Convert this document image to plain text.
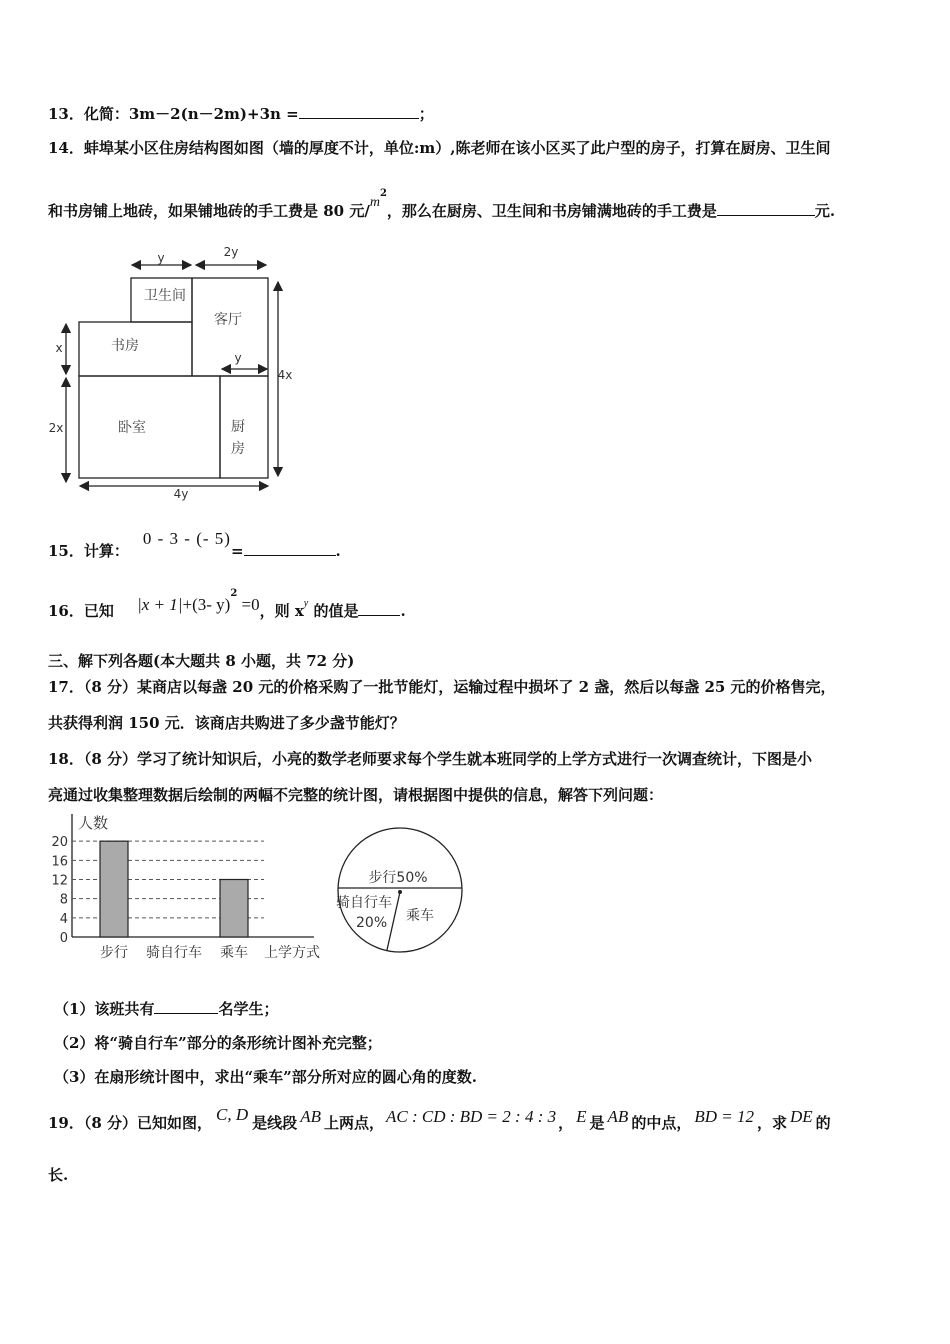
13．化简：3m－2(n－2m)+3n =	；
14．蚌埠某小区住房结构图如图（墙的厚度不计，单位:m）,陈老师在该小区买了此户型的房子，打算在厨房、卫生间
和书房铺上地砖，如果铺地砖的手工费是 80 元$/m^2$，那么在厨房、卫生间和书房铺满地砖的手工费是	元.
y	2y
y
x
2x
4x
4y
卫生间
客厅
书房
卧室	厨
房
15．计算：0 - 3 - (- 5)=	.
16．已知 |x + 1|+(3- y)$^2$ =0，则 $x^y$ 的值是	.
三、解下列各题(本大题共 8 小题，共 72 分)
17．（8 分）某商店以每盏 20 元的价格采购了一批节能灯，运输过程中损坏了 2 盏，然后以每盏 25 元的价格售完，
共获得利润 150 元．该商店共购进了多少盏节能灯？
18．（8 分）学习了统计知识后，小亮的数学老师要求每个学生就本班同学的上学方式进行一次调查统计，下图是小
亮通过收集整理数据后绘制的两幅不完整的统计图，请根据图中提供的信息，解答下列问题：
0
4
8
12
16
20
人数
步行 骑自行车 乘车 上学方式
步行50%
骑自行车
20% 乘车
（1）该班共有	名学生；
（2）将“骑自行车”部分的条形统计图补充完整；
（3）在扇形统计图中，求出“乘车”部分所对应的圆心角的度数.
19．（8 分）已知如图， C, D 是线段 AB 上两点， AC : CD : BD = 2 : 4 : 3 ， E 是 AB 的中点， BD = 12 ，求 DE 的
长.
